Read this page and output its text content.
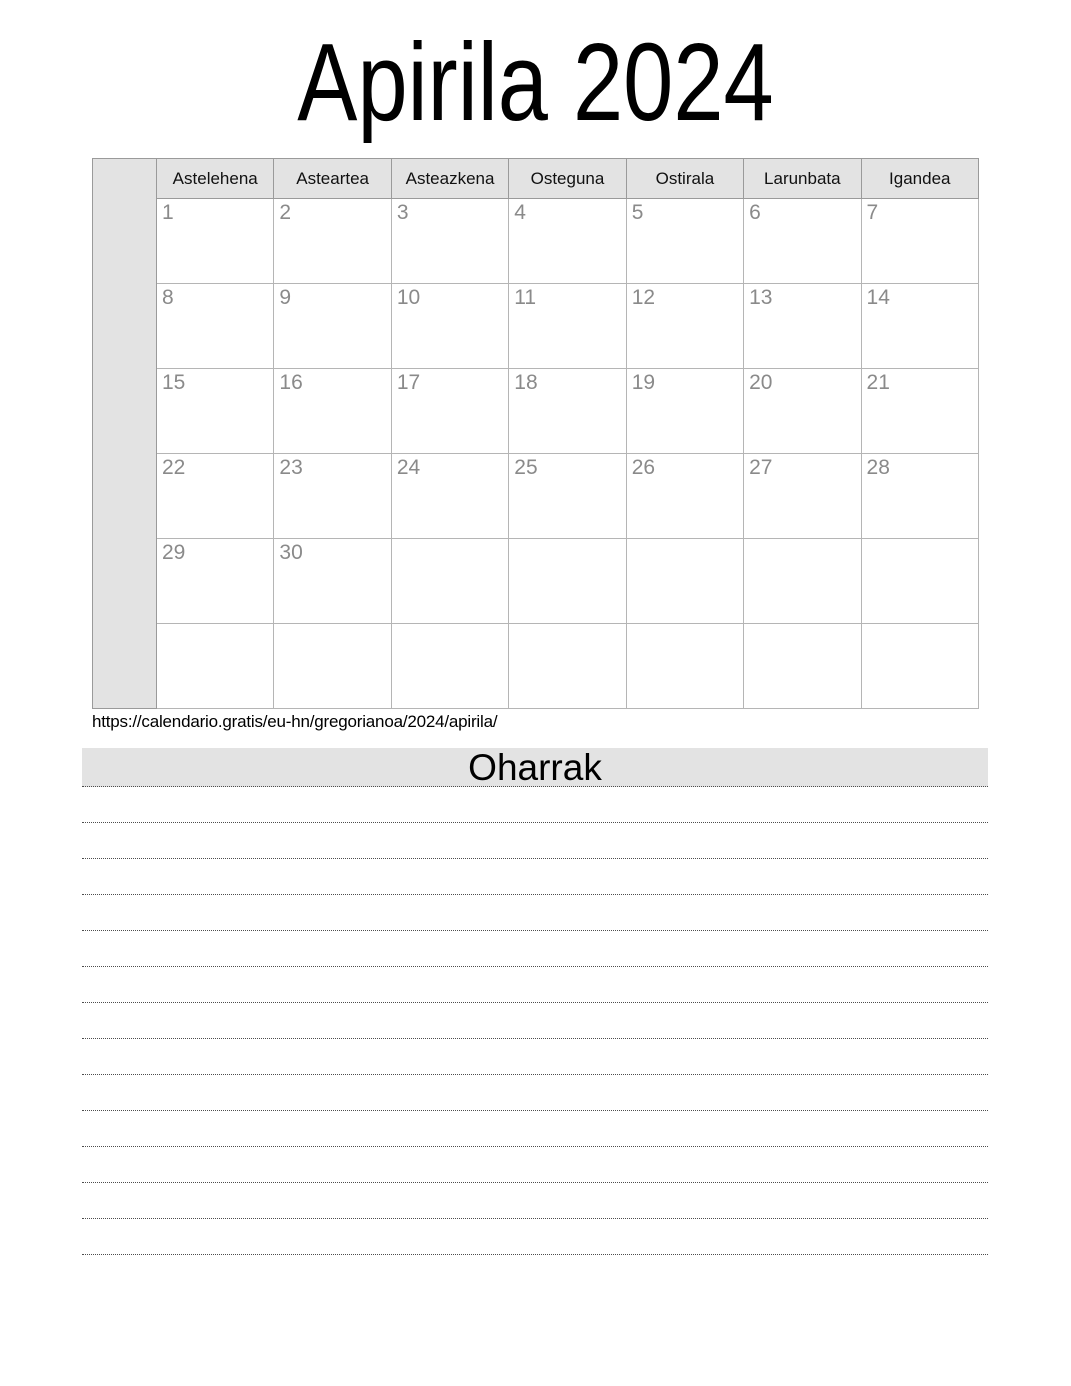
Apirila 2024
	Astelehena	Asteartea	Asteazkena	Osteguna	Ostirala	Larunbata	Igandea

	1	2	3	4	5	6	7

	8	9	10	11	12	13	14

	15	16	17	18	19	20	21

	22	23	24	25	26	27	28

	29	30					

https://calendario.gratis/eu-hn/gregorianoa/2024/apirila/
Oharrak
